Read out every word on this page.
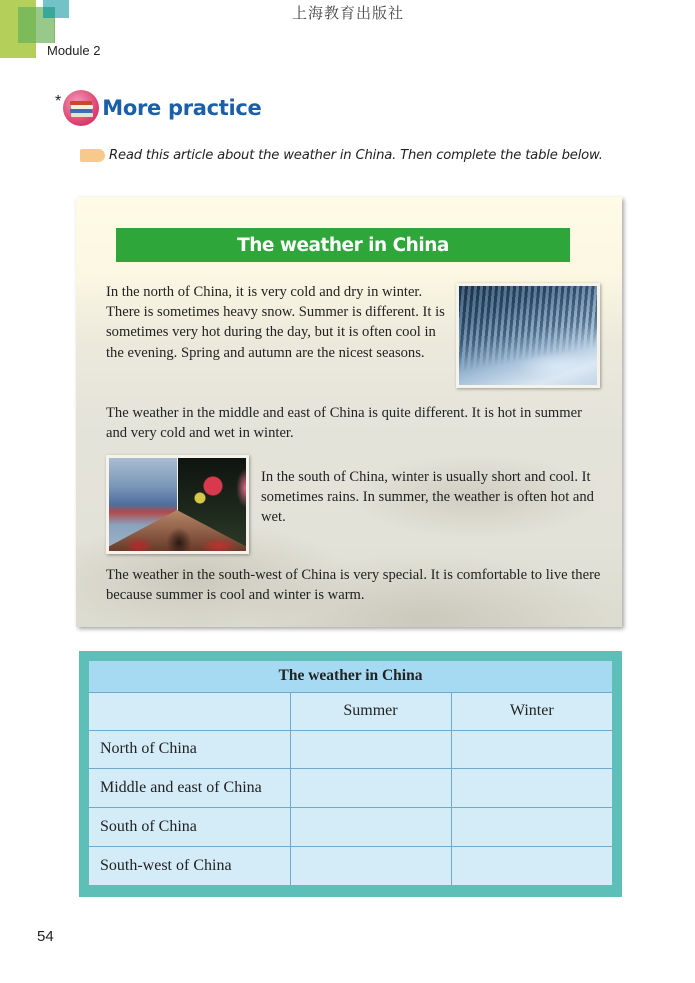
上海教育出版社
Module 2
* More practice
Read this article about the weather in China. Then complete the table below.
The weather in China

In the north of China, it is very cold and dry in winter. There is sometimes heavy snow. Summer is different. It is sometimes very hot during the day, but it is often cool in the evening. Spring and autumn are the nicest seasons.

The weather in the middle and east of China is quite different. It is hot in summer and very cold and wet in winter.

In the south of China, winter is usually short and cool. It sometimes rains. In summer, the weather is often hot and wet.

The weather in the south-west of China is very special. It is comfortable to live there because summer is cool and winter is warm.

The weather in China		
	Summer	Winter
North of China		
Middle and east of China		
South of China		
South-west of China		
54
